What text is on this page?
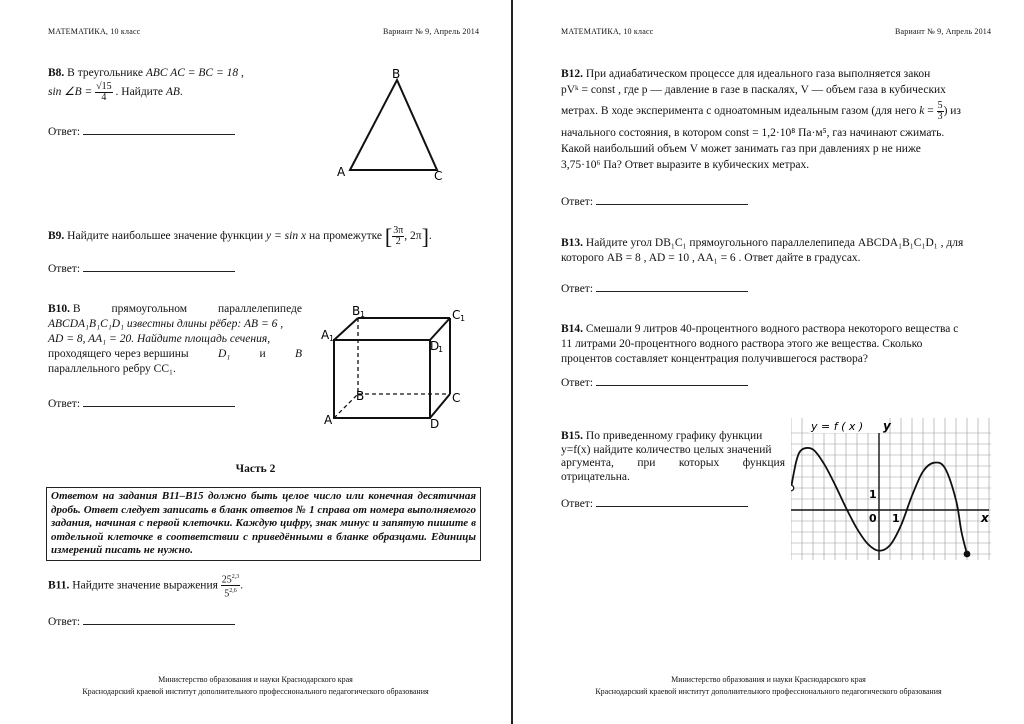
МАТЕМАТИКА, 10 класс	Вариант № 9, Апрель 2014
B8. В треугольнике ABC AC = BC = 18 ,
sin ∠B = $\frac{√15}{4}$ . Найдите AB.
Ответ:
B
A	C
B9. Найдите наибольшее значение функции y = sin x на промежутке [ $\frac{3\pi}{2}$ , 2π].
Ответ:
B10. В	прямоугольном	параллелепипеде
ABCDA₁B₁C₁D₁ известны длины рёбер: AB = 6 ,
AD = 8, AA₁ = 20. Найдите площадь сечения,
проходящего через вершины	D₁	и	B
параллельного ребру CC₁.
Ответ:
B 1	C 1
A 1
D
1
B	C
A	D
Часть 2
Ответом на задания B11–B15 должно быть целое число или конечная десятичная дробь. Ответ следует записать в бланк ответов № 1 справа от номера выполняемого задания, начиная с первой клеточки. Каждую цифру, знак минус и запятую пишите в отдельной клеточке в соответствии с приведёнными в бланке образцами. Единицы измерений писать не нужно.
B11. Найдите значение выражения $\frac{25^{2,3}}{5^{2,6}}$ .
Ответ:
Министерство образования и науки Краснодарского края
Краснодарский краевой институт дополнительного профессионального педагогического образования
МАТЕМАТИКА, 10 класс	Вариант № 9, Апрель 2014
B12. При адиабатическом процессе для идеального газа выполняется закон
pVᵏ = const , где p — давление в газе в паскалях, V — объем газа в кубических
метрах. В ходе эксперимента с одноатомным идеальным газом (для него $k = \frac{5}{3}$ ) из
начального состояния, в котором const = 1,2·10⁸ Па·м⁵, газ начинают сжимать.
Какой наибольший объем V может занимать газ при давлениях p не ниже
3,75·10⁶ Па? Ответ выразите в кубических метрах.
Ответ:
B13. Найдите угол DB₁C₁ прямоугольного параллелепипеда ABCDA₁B₁C₁D₁ , для
которого AB = 8 , AD = 10 , AA₁ = 6 . Ответ дайте в градусах.
Ответ:
B14. Смешали 9 литров 40-процентного водного раствора некоторого вещества с
11 литрами 20-процентного водного раствора этого же вещества. Сколько
процентов составляет концентрация получившегося раствора?
Ответ:
B15. По приведенному графику функции
y=f(x) найдите количество целых значений
аргумента, при которых функция
отрицательна.
Ответ:
y = f ( x ) y
x
0 1
1
Министерство образования и науки Краснодарского края
Краснодарский краевой институт дополнительного профессионального педагогического образования
